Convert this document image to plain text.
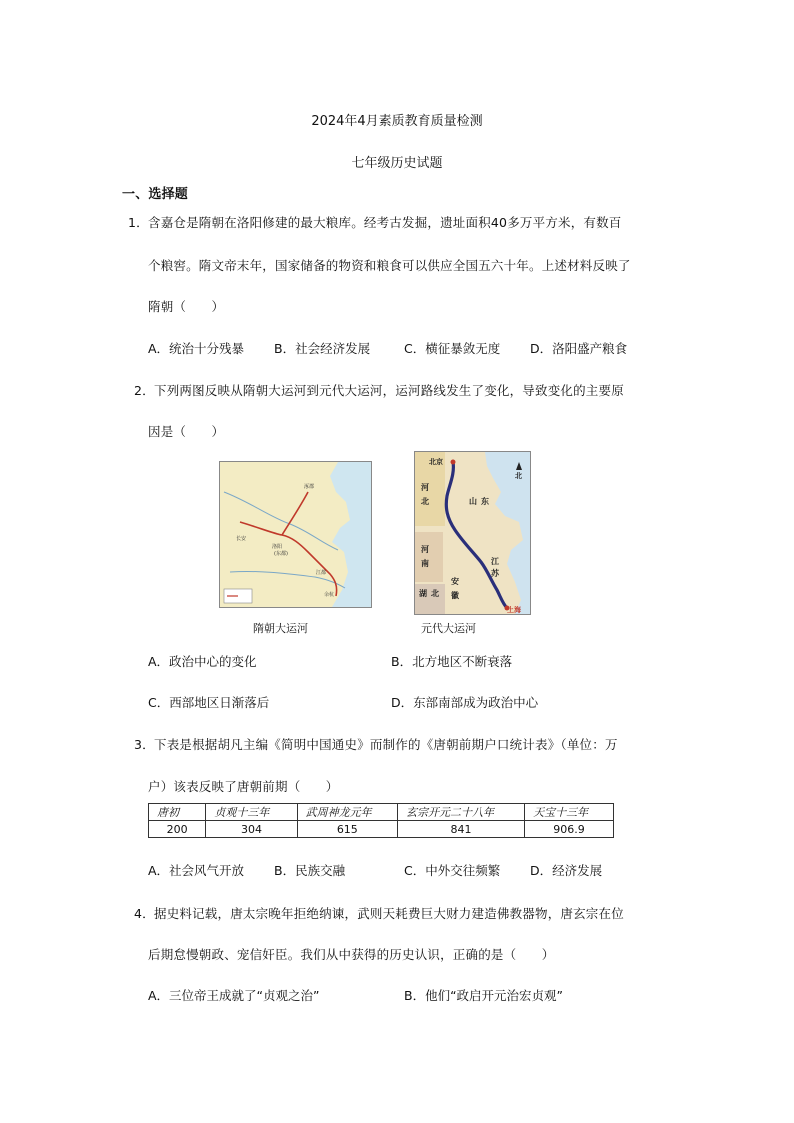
2024年4月素质教育质量检测
七年级历史试题
一、选择题
1． 含嘉仓是隋朝在洛阳修建的最大粮库。经考古发掘，遗址面积40多万平方米，有数百
个粮窖。隋文帝末年，国家储备的物资和粮食可以供应全国五六十年。上述材料反映了
隋朝（　　）
A．统治十分残暴 B．社会经济发展	C．横征暴敛无度 D．洛阳盛产粮食
2． 下列两图反映从隋朝大运河到元代大运河，运河路线发生了变化，导致变化的主要原
因是（　　）
长安
洛阳
(东都)
涿郡
江都
余杭
北京
河
北	山 东
河
南	江
苏
安
徽
湖 北
上海
北
隋朝大运河	元代大运河
A．政治中心的变化	B．北方地区不断衰落
C．西部地区日渐落后	D．东部南部成为政治中心
3． 下表是根据胡凡主编《简明中国通史》而制作的《唐朝前期户口统计表》（单位：万
户）该表反映了唐朝前期（　　）
唐初	贞观十三年	武周神龙元年	玄宗开元二十八年	天宝十三年
200	304	615	841	906.9
A．社会风气开放 B．民族交融	C．中外交往频繁 D．经济发展
4． 据史料记载，唐太宗晚年拒绝纳谏，武则天耗费巨大财力建造佛教器物，唐玄宗在位
后期怠慢朝政、宠信奸臣。我们从中获得的历史认识，正确的是（　　）
A．三位帝王成就了“贞观之治”	B．他们“政启开元治宏贞观”
